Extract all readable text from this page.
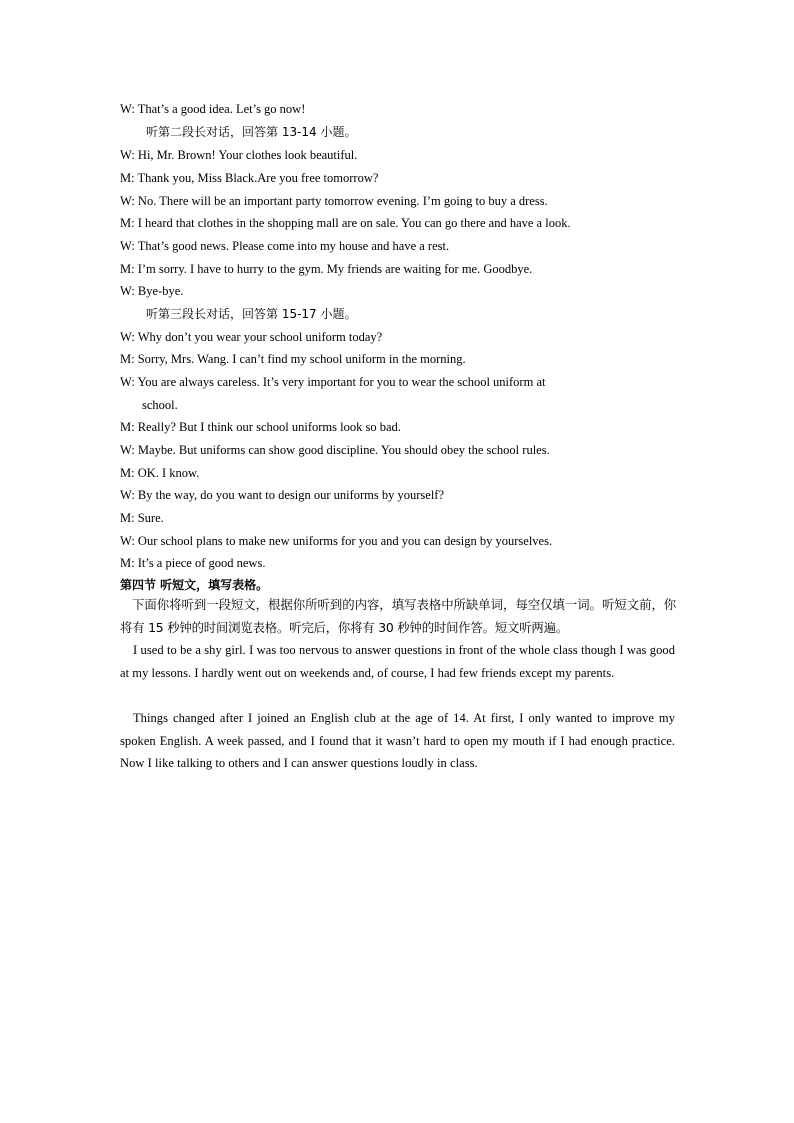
W: That’s a good idea. Let’s go now!
听第二段长对话，回答第 13-14 小题。
W: Hi, Mr. Brown! Your clothes look beautiful.
M: Thank you, Miss Black.Are you free tomorrow?
W: No. There will be an important party tomorrow evening. I’m going to buy a dress.
M: I heard that clothes in the shopping mall are on sale. You can go there and have a look.
W: That’s good news. Please come into my house and have a rest.
M: I’m sorry. I have to hurry to the gym. My friends are waiting for me. Goodbye.
W: Bye-bye.
听第三段长对话，回答第 15-17 小题。
W: Why don’t you wear your school uniform today?
M: Sorry, Mrs. Wang. I can’t find my school uniform in the morning.
W: You are always careless. It’s very important for you to wear the school uniform at
school.
M: Really? But I think our school uniforms look so bad.
W: Maybe. But uniforms can show good discipline. You should obey the school rules.
M: OK. I know.
W: By the way, do you want to design our uniforms by yourself?
M: Sure.
W: Our school plans to make new uniforms for you and you can design by yourselves.
M: It’s a piece of good news.
第四节 听短文，填写表格。
下面你将听到一段短文，根据你所听到的内容，填写表格中所缺单词，每空仅填一词。听短文前，你将有 15 秒钟的时间浏览表格。听完后，你将有 30 秒钟的时间作答。短文听两遍。
I used to be a shy girl. I was too nervous to answer questions in front of the whole class though I was good at my lessons. I hardly went out on weekends and, of course, I had few friends except my parents.
Things changed after I joined an English club at the age of 14. At first, I only wanted to improve my spoken English. A week passed, and I found that it wasn’t hard to open my mouth if I had enough practice. Now I like talking to others and I can answer questions loudly in class.
